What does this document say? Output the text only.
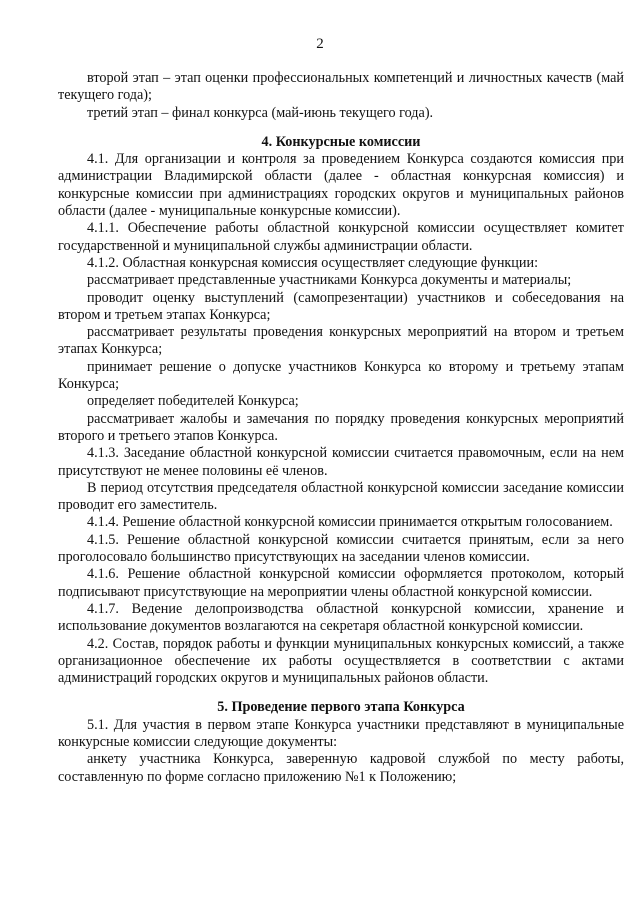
2

второй этап – этап оценки профессиональных компетенций и личностных качеств (май текущего года);

третий этап – финал конкурса (май-июнь текущего года).

4. Конкурсные комиссии

4.1. Для организации и контроля за проведением Конкурса создаются комиссия при администрации Владимирской области (далее - областная конкурсная комиссия) и конкурсные комиссии при администрациях городских округов и муниципальных районов области (далее - муниципальные конкурсные комиссии).

4.1.1. Обеспечение работы областной конкурсной комиссии осуществляет комитет государственной и муниципальной службы администрации области.

4.1.2. Областная конкурсная комиссия осуществляет следующие функции:

рассматривает представленные участниками Конкурса документы и материалы;

проводит оценку выступлений (самопрезентации) участников и собеседования на втором и третьем этапах Конкурса;

рассматривает результаты проведения конкурсных мероприятий на втором и третьем этапах Конкурса;

принимает решение о допуске участников Конкурса ко второму и третьему этапам Конкурса;

определяет победителей Конкурса;

рассматривает жалобы и замечания по порядку проведения конкурсных мероприятий второго и третьего этапов Конкурса.

4.1.3. Заседание областной конкурсной комиссии считается правомочным, если на нем присутствуют не менее половины её членов.

В период отсутствия председателя областной конкурсной комиссии заседание комиссии проводит его заместитель.

4.1.4. Решение областной конкурсной комиссии принимается открытым голосованием.

4.1.5. Решение областной конкурсной комиссии считается принятым, если за него проголосовало большинство присутствующих на заседании членов комиссии.

4.1.6. Решение областной конкурсной комиссии оформляется протоколом, который подписывают присутствующие на мероприятии члены областной конкурсной комиссии.

4.1.7. Ведение делопроизводства областной конкурсной комиссии, хранение и использование документов возлагаются на секретаря областной конкурсной комиссии.

4.2. Состав, порядок работы и функции муниципальных конкурсных комиссий, а также организационное обеспечение их работы осуществляется в соответствии с актами администраций городских округов и муниципальных районов области.

5. Проведение первого этапа Конкурса

5.1. Для участия в первом этапе Конкурса участники представляют в муниципальные конкурсные комиссии следующие документы:

анкету участника Конкурса, заверенную кадровой службой по месту работы, составленную по форме согласно приложению №1 к Положению;
